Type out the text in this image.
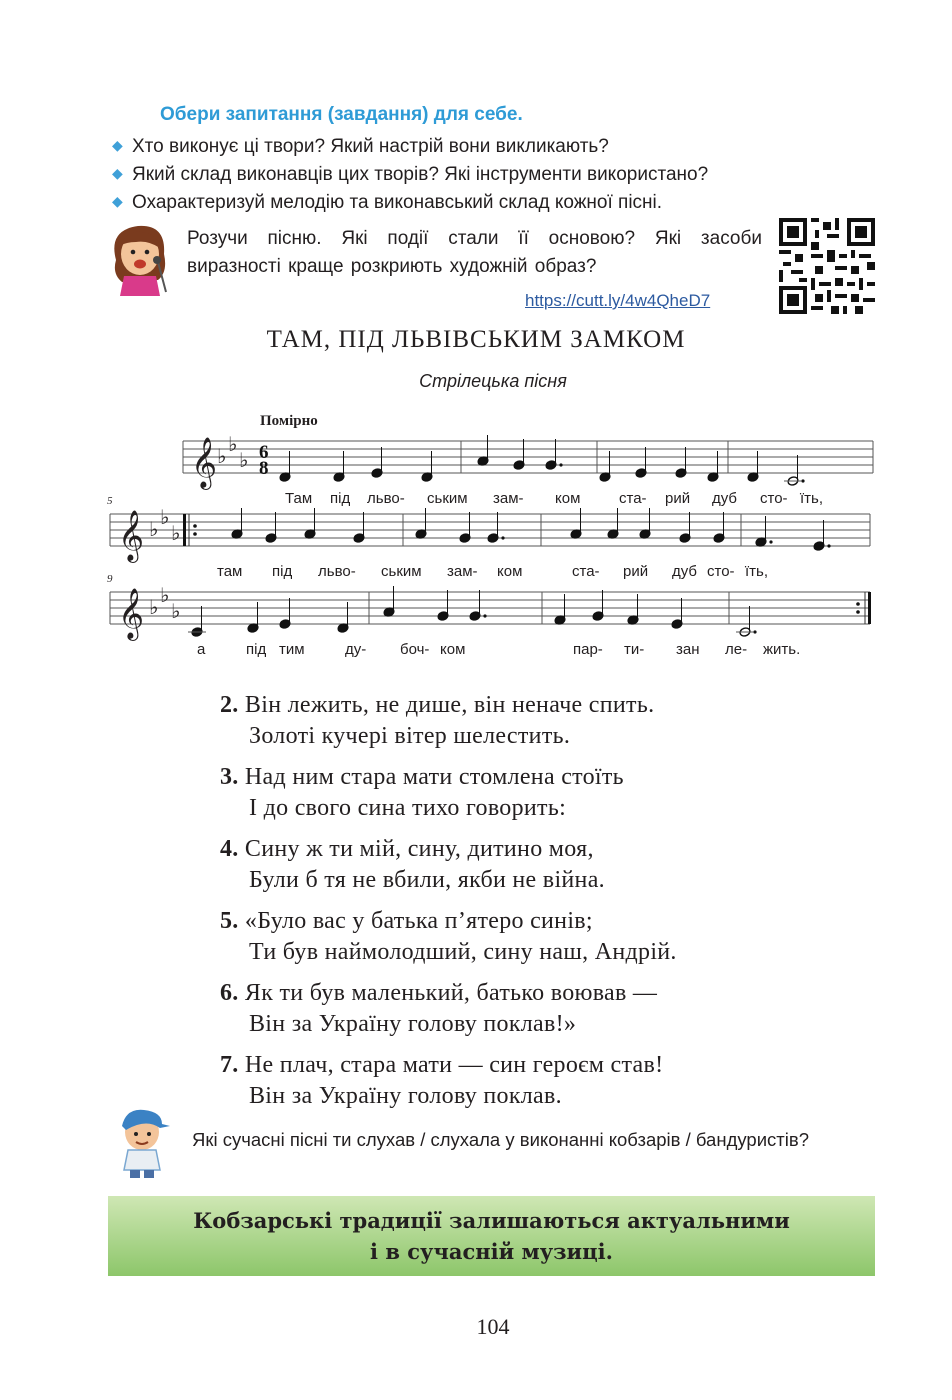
Обери запитання (завдання) для себе.
◆ Хто виконує ці твори? Який настрій вони викликають?
◆ Який склад виконавців цих творів? Які інструменти використано?
◆ Охарактеризуй мелодію та виконавський склад кожної пісні.
Розучи пісню. Які події стали її основою? Які засоби виразності краще розкриють художній образ?
https://cutt.ly/4w4QheD7
ТАМ, ПІД ЛЬВІВСЬКИМ ЗАМКОМ
Стрілецька пісня
𝄞 ♭ ♭
♭
Там під льво- ським зам- ком	ста- рий дуб сто- їть,
𝄞 ♭ ♭
♭
5
там під льво- ським зам- ком	ста- рий дуб сто- їть,
𝄞 ♭ ♭
♭
9
а	під тим	ду- боч- ком	пар- ти- зан ле- жить.
Помірно
6
8
2. Він лежить, не дише, він неначе спить.
Золоті кучері вітер шелестить.
3. Над ним стара мати стомлена стоїть
І до свого сина тихо говорить:
4. Сину ж ти мій, сину, дитино моя,
Були б тя не вбили, якби не війна.
5. «Було вас у батька п’ятеро синів;
Ти був наймолодший, сину наш, Андрій.
6. Як ти був маленький, батько воював —
Він за Україну голову поклав!»
7. Не плач, стара мати — син героєм став!
Він за Україну голову поклав.
Які сучасні пісні ти слухав / слухала у виконанні кобзарів / бандуристів?
Кобзарські традиції залишаються актуальними
і в сучасній музиці.
104
